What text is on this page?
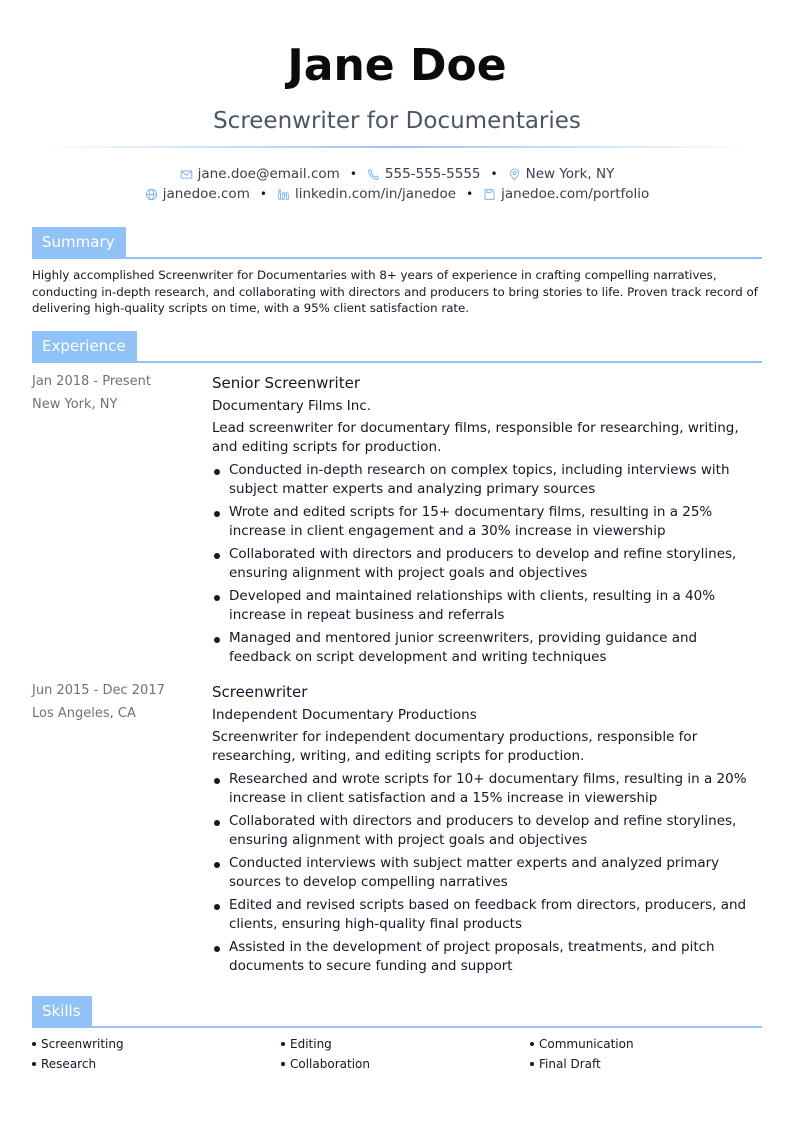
Jane Doe
Screenwriter for Documentaries
jane.doe@email.com • 555-555-5555 • New York, NY
janedoe.com • linkedin.com/in/janedoe • janedoe.com/portfolio
Summary
Highly accomplished Screenwriter for Documentaries with 8+ years of experience in crafting compelling narratives, conducting in-depth research, and collaborating with directors and producers to bring stories to life. Proven track record of delivering high-quality scripts on time, with a 95% client satisfaction rate.
Experience
Jan 2018 - Present
New York, NY
Senior Screenwriter
Documentary Films Inc.
Lead screenwriter for documentary films, responsible for researching, writing, and editing scripts for production.
Conducted in-depth research on complex topics, including interviews with subject matter experts and analyzing primary sources
Wrote and edited scripts for 15+ documentary films, resulting in a 25% increase in client engagement and a 30% increase in viewership
Collaborated with directors and producers to develop and refine storylines, ensuring alignment with project goals and objectives
Developed and maintained relationships with clients, resulting in a 40% increase in repeat business and referrals
Managed and mentored junior screenwriters, providing guidance and feedback on script development and writing techniques
Jun 2015 - Dec 2017
Los Angeles, CA
Screenwriter
Independent Documentary Productions
Screenwriter for independent documentary productions, responsible for researching, writing, and editing scripts for production.
Researched and wrote scripts for 10+ documentary films, resulting in a 20% increase in client satisfaction and a 15% increase in viewership
Collaborated with directors and producers to develop and refine storylines, ensuring alignment with project goals and objectives
Conducted interviews with subject matter experts and analyzed primary sources to develop compelling narratives
Edited and revised scripts based on feedback from directors, producers, and clients, ensuring high-quality final products
Assisted in the development of project proposals, treatments, and pitch documents to secure funding and support
Skills
Screenwriting	Editing	Communication
Research	Collaboration	Final Draft
